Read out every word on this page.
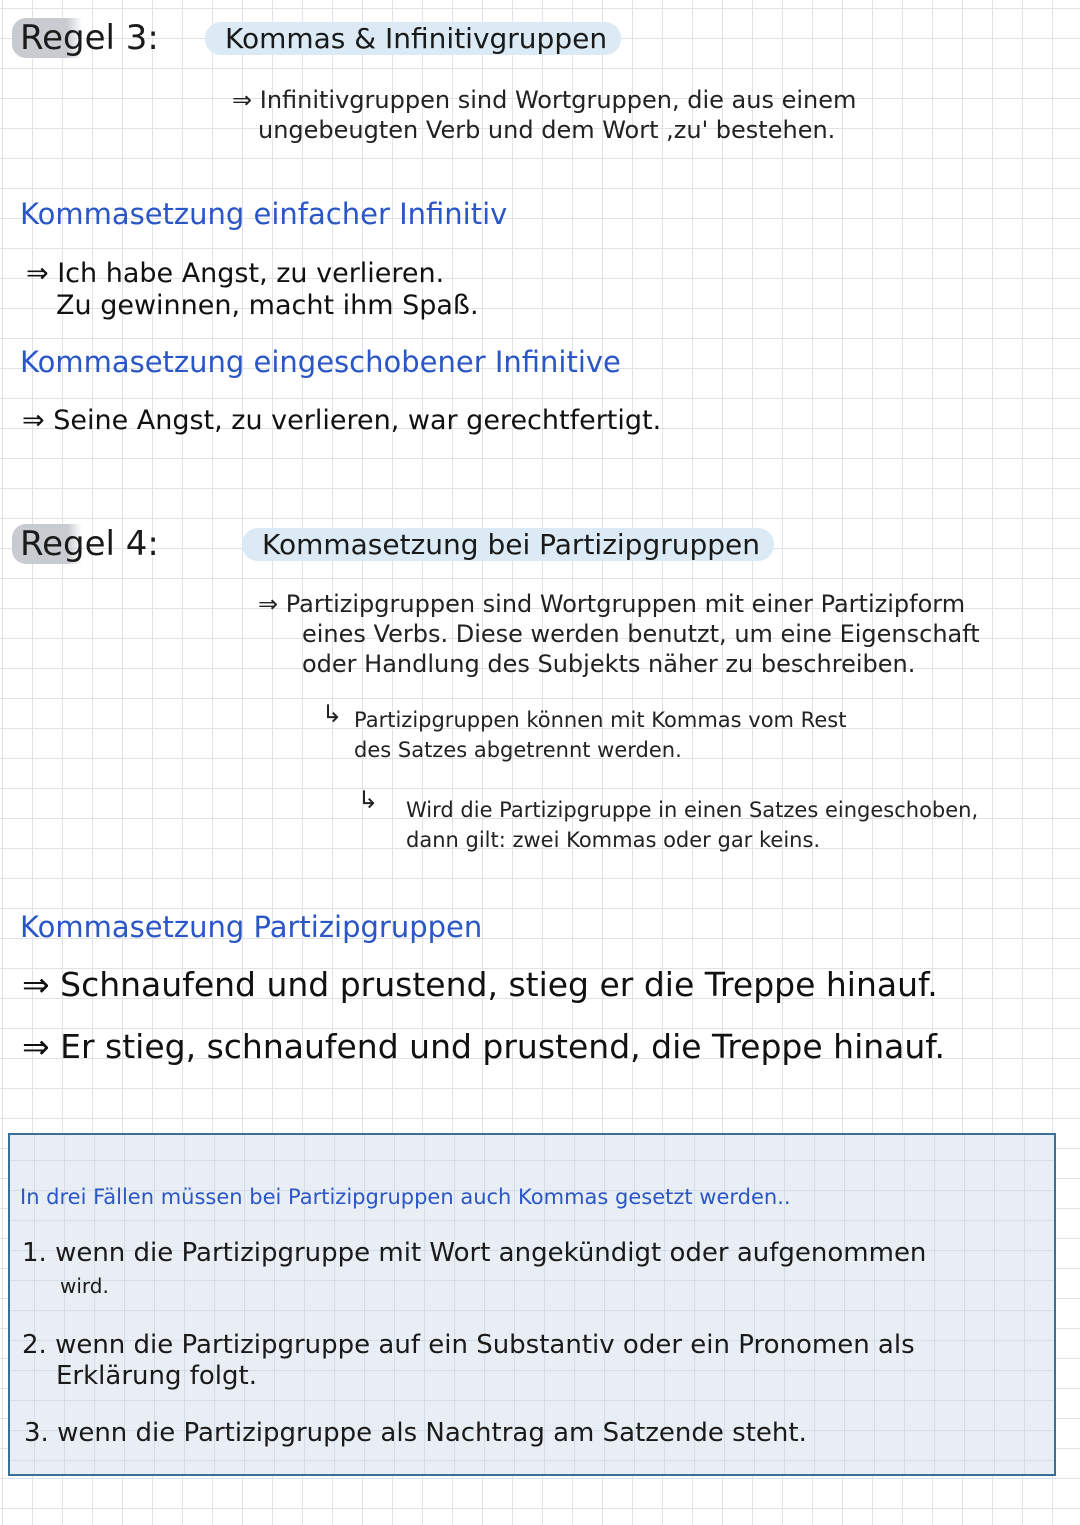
Regel 3:	Kommas & Infinitivgruppen
⇒ Infinitivgruppen sind Wortgruppen, die aus einem
ungebeugten Verb und dem Wort ,zu' bestehen.
Kommasetzung einfacher Infinitiv
⇒ Ich habe Angst, zu verlieren.
Zu gewinnen, macht ihm Spaß.
Kommasetzung eingeschobener Infinitive
⇒ Seine Angst, zu verlieren, war gerechtfertigt.
Regel 4:	Kommasetzung bei Partizipgruppen
⇒ Partizipgruppen sind Wortgruppen mit einer Partizipform
eines Verbs. Diese werden benutzt, um eine Eigenschaft
oder Handlung des Subjekts näher zu beschreiben.
↳ Partizipgruppen können mit Kommas vom Rest
des Satzes abgetrennt werden.
↳ Wird die Partizipgruppe in einen Satzes eingeschoben,
dann gilt: zwei Kommas oder gar keins.
Kommasetzung Partizipgruppen
⇒ Schnaufend und prustend, stieg er die Treppe hinauf.
⇒ Er stieg, schnaufend und prustend, die Treppe hinauf.
In drei Fällen müssen bei Partizipgruppen auch Kommas gesetzt werden..
1. wenn die Partizipgruppe mit Wort angekündigt oder aufgenommen
wird.
2. wenn die Partizipgruppe auf ein Substantiv oder ein Pronomen als
Erklärung folgt.
3. wenn die Partizipgruppe als Nachtrag am Satzende steht.
